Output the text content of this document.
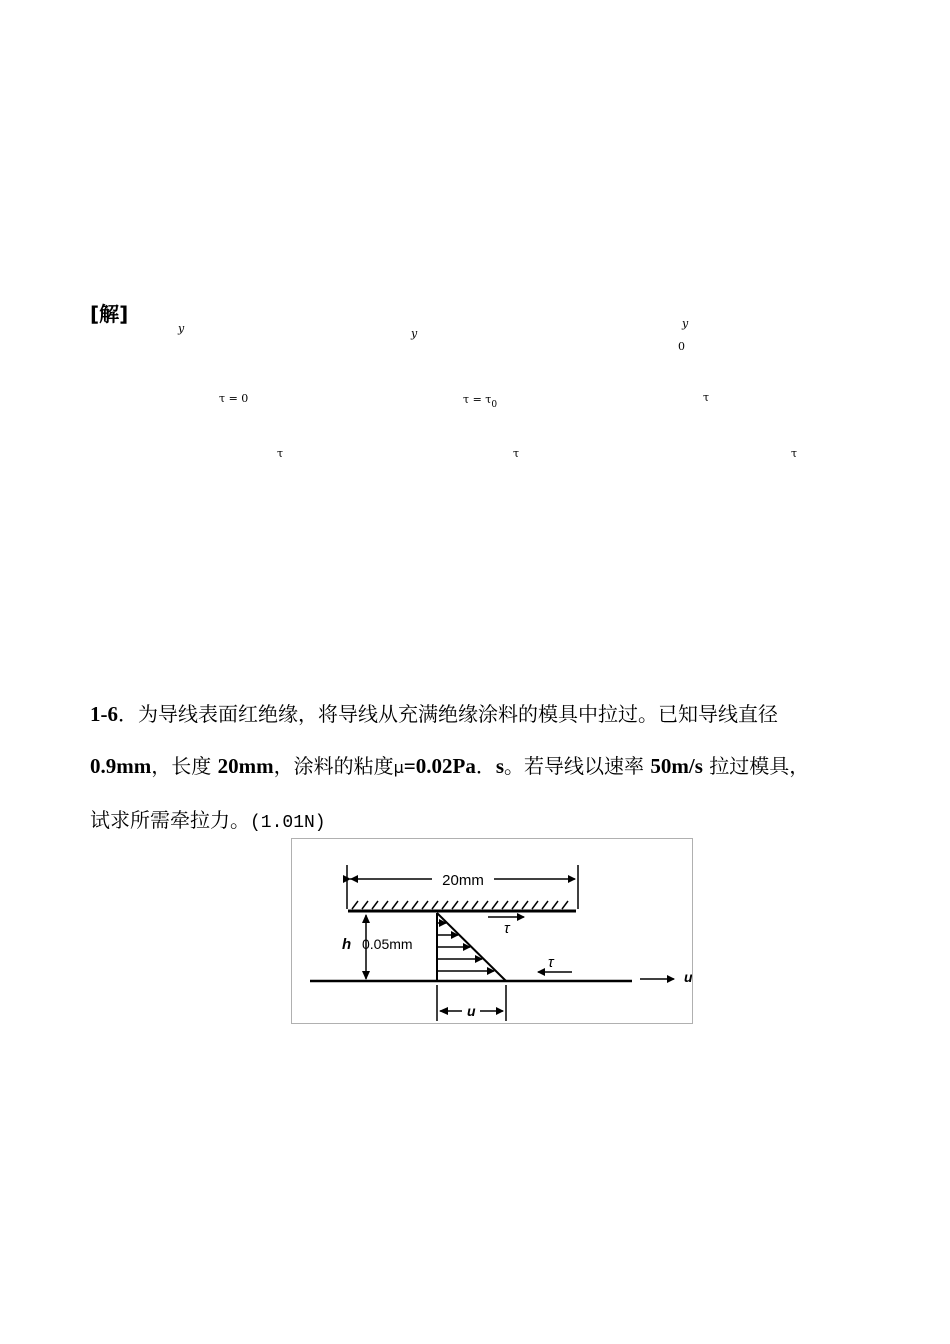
[解]
y	y
y
0
τ = 0	$\tau = \tau_0$
τ
τ	τ	τ
1-6．为导线表面红绝缘，将导线从充满绝缘涂料的模具中拉过。已知导线直径
0.9mm，长度 20mm，涂料的粘度μ=0.02Pa．s。若导线以速率 50m/s 拉过模具，
试求所需牵拉力。(1.01N)
20mm
h 0.05mm
u
τ
τ
u
